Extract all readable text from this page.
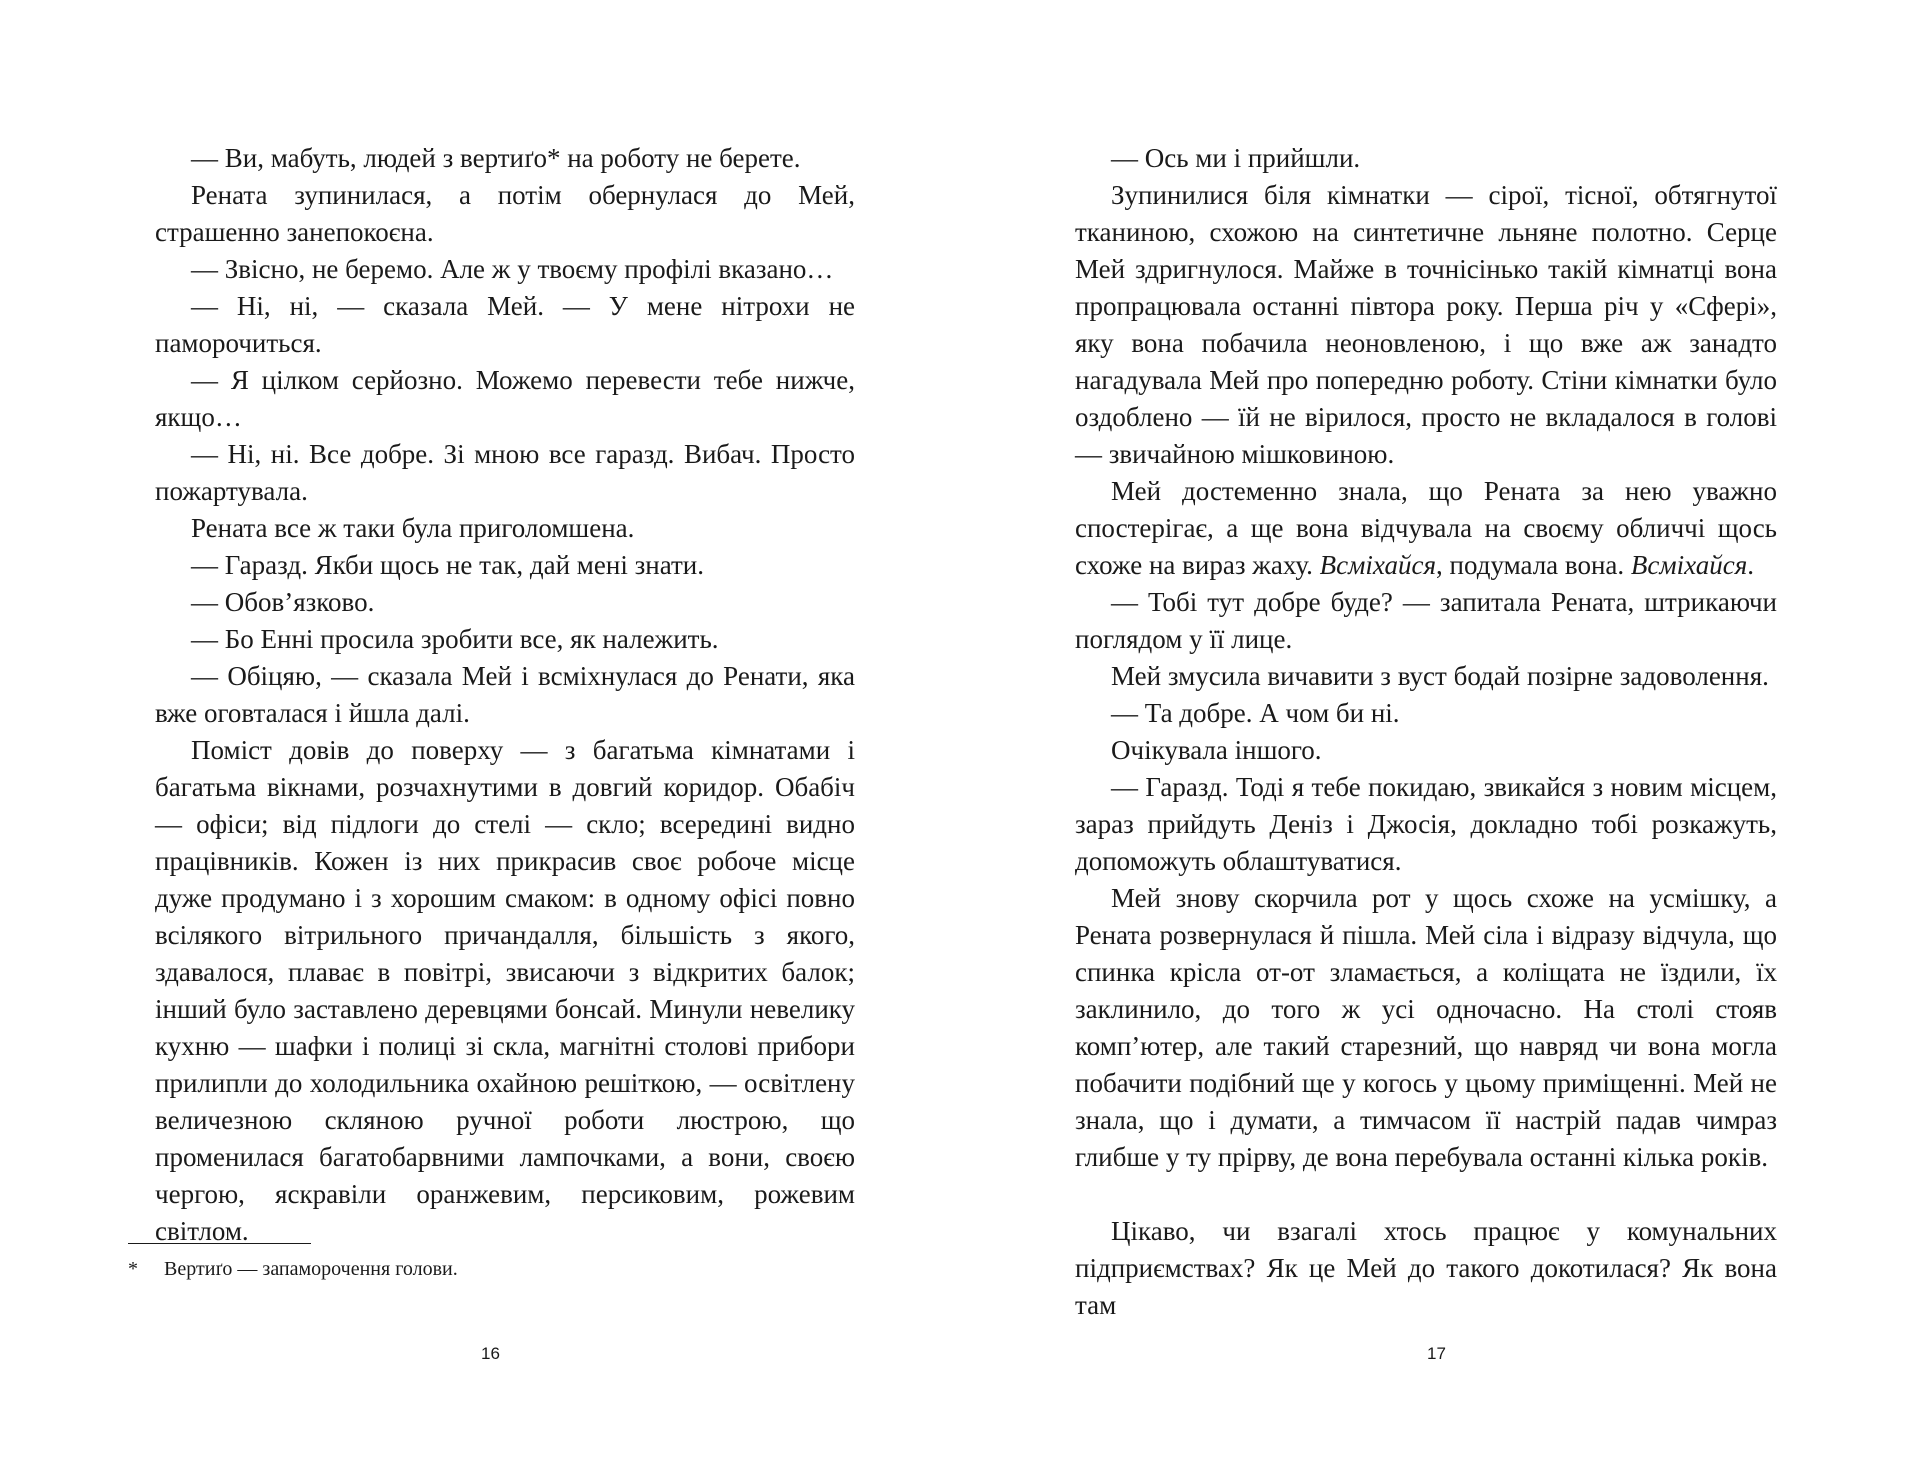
— Ви, мабуть, людей з вертиґо* на роботу не берете.

Рената зупинилася, а потім обернулася до Мей, страшенно занепокоєна.

— Звісно, не беремо. Але ж у твоєму профілі вказано…

— Ні, ні, — сказала Мей. — У мене нітрохи не паморочиться.

— Я цілком серйозно. Можемо перевести тебе нижче, якщо…

— Ні, ні. Все добре. Зі мною все гаразд. Вибач. Просто пожартувала.

Рената все ж таки була приголомшена.

— Гаразд. Якби щось не так, дай мені знати.

— Обов’язково.

— Бо Енні просила зробити все, як належить.

— Обіцяю, — сказала Мей і всміхнулася до Ренати, яка вже оговталася і йшла далі.

Поміст довів до поверху — з багатьма кімнатами і багатьма вікнами, розчахнутими в довгий коридор. Обабіч — офіси; від підлоги до стелі — скло; всередині видно працівників. Кожен із них прикрасив своє робоче місце дуже продумано і з хорошим смаком: в одному офісі повно всілякого вітрильного причандалля, більшість з якого, здавалося, плаває в повітрі, звисаючи з відкритих балок; інший було заставлено деревцями бонсай. Минули невелику кухню — шафки і полиці зі скла, магнітні столові прибори прилипли до холодильника охайною решіткою, — освітлену величезною скляною ручної роботи люстрою, що променилася багатобарвними лампочками, а вони, своєю чергою, яскравіли оранжевим, персиковим, рожевим світлом.

* Вертиґо — запаморочення голови.
16

— Ось ми і прийшли.

Зупинилися біля кімнатки — сірої, тісної, обтягнутої тканиною, схожою на синтетичне льняне полотно. Серце Мей здригнулося. Майже в точнісінько такій кімнатці вона пропрацювала останні півтора року. Перша річ у «Сфері», яку вона побачила неоновленою, і що вже аж занадто нагадувала Мей про попередню роботу. Стіни кімнатки було оздоблено — їй не вірилося, просто не вкладалося в голові — звичайною мішковиною.

Мей достеменно знала, що Рената за нею уважно спостерігає, а ще вона відчувала на своєму обличчі щось схоже на вираз жаху. Всміхайся, подумала вона. Всміхайся.

— Тобі тут добре буде? — запитала Рената, штрикаючи поглядом у її лице.

Мей змусила вичавити з вуст бодай позірне задоволення.

— Та добре. А чом би ні.

Очікувала іншого.

— Гаразд. Тоді я тебе покидаю, звикайся з новим місцем, зараз прийдуть Деніз і Джосія, докладно тобі розкажуть, допоможуть облаштуватися.

Мей знову скорчила рот у щось схоже на усмішку, а Рената розвернулася й пішла. Мей сіла і відразу відчула, що спинка крісла от-от зламається, а коліщата не їздили, їх заклинило, до того ж усі одночасно. На столі стояв комп’ютер, але такий старезний, що навряд чи вона могла побачити подібний ще у когось у цьому приміщенні. Мей не знала, що і думати, а тимчасом її настрій падав чимраз глибше у ту прірву, де вона перебувала останні кілька років.

Цікаво, чи взагалі хтось працює у комунальних підприємствах? Як це Мей до такого докотилася? Як вона там

17
